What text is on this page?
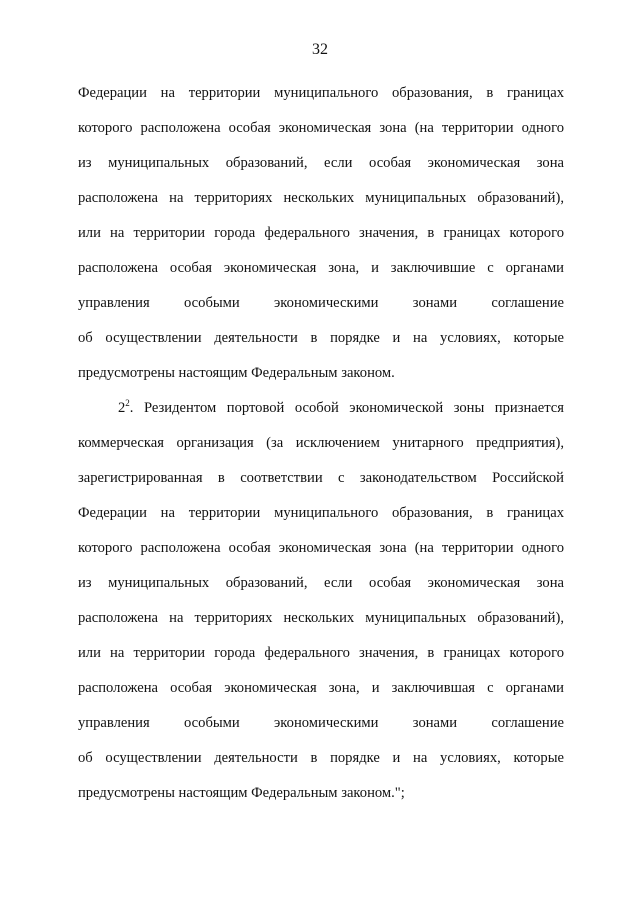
32
Федерации на территории муниципального образования, в границах
которого расположена особая экономическая зона (на территории одного
из муниципальных образований, если особая экономическая зона
расположена на территориях нескольких муниципальных образований),
или на территории города федерального значения, в границах которого
расположена особая экономическая зона, и заключившие с органами
управления особыми экономическими зонами соглашение
об осуществлении деятельности в порядке и на условиях, которые
предусмотрены настоящим Федеральным законом.
$2^2$. Резидентом портовой особой экономической зоны признается
коммерческая организация (за исключением унитарного предприятия),
зарегистрированная в соответствии с законодательством Российской
Федерации на территории муниципального образования, в границах
которого расположена особая экономическая зона (на территории одного
из муниципальных образований, если особая экономическая зона
расположена на территориях нескольких муниципальных образований),
или на территории города федерального значения, в границах которого
расположена особая экономическая зона, и заключившая с органами
управления особыми экономическими зонами соглашение
об осуществлении деятельности в порядке и на условиях, которые
предусмотрены настоящим Федеральным законом.";
